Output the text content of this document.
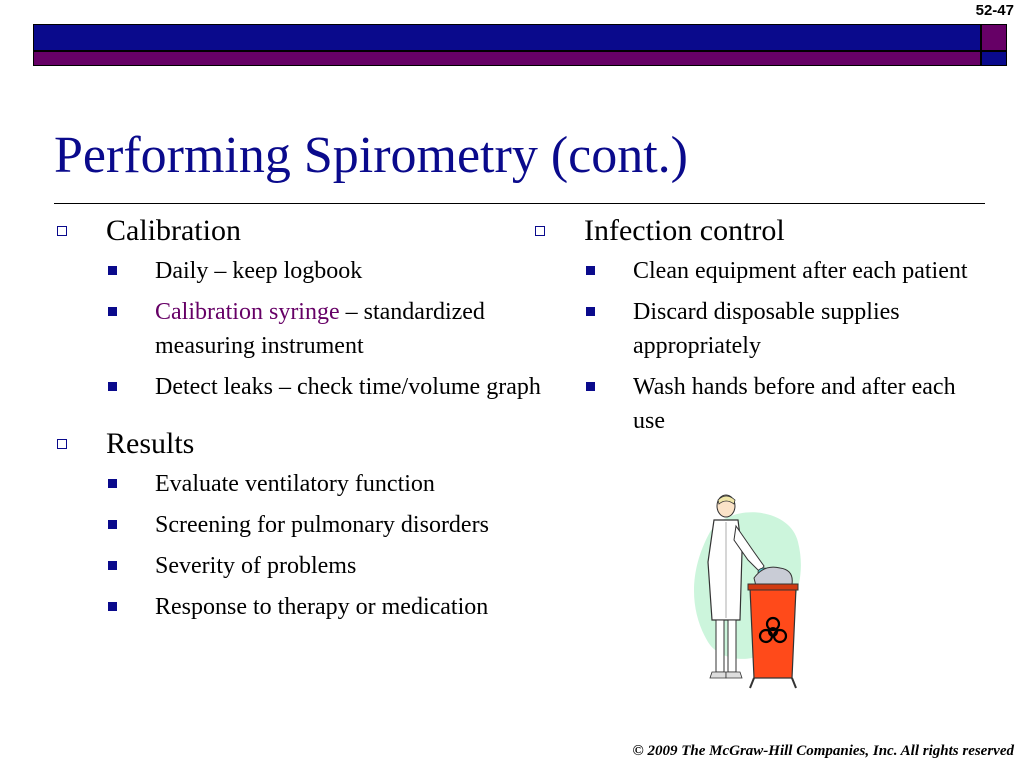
52-47
Performing Spirometry (cont.)
Calibration
Daily – keep logbook
Calibration syringe – standardized measuring instrument
Detect leaks – check time/volume graph
Results
Evaluate ventilatory function
Screening for pulmonary disorders
Severity of problems
Response to therapy or medication
Infection control
Clean equipment after each patient
Discard disposable supplies appropriately
Wash hands before and after each use
© 2009 The McGraw-Hill Companies, Inc. All rights reserved
